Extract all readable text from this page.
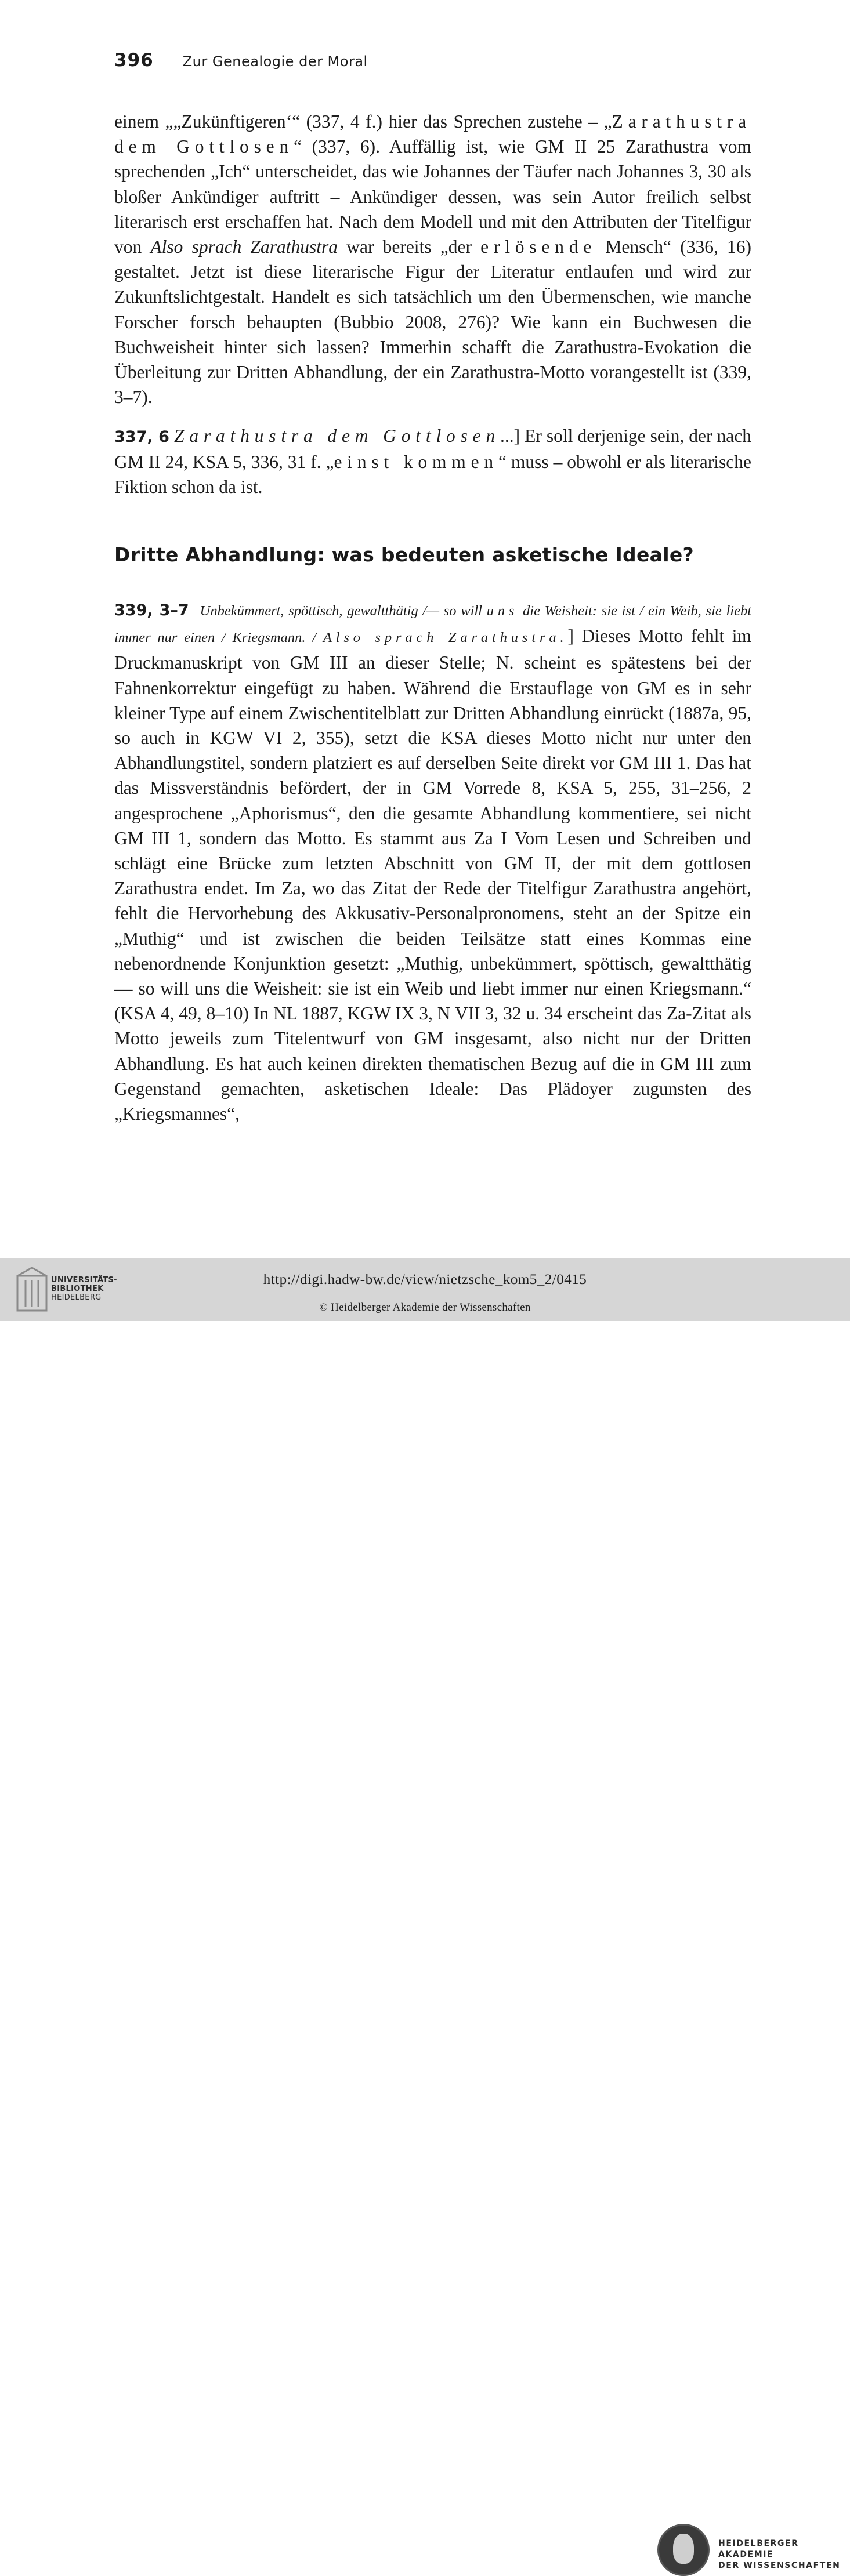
396 Zur Genealogie der Moral

einem „„Zukünftigeren‘“ (337, 4 f.) hier das Sprechen zustehe – „Zarathustra dem Gottlosen“ (337, 6). Auffällig ist, wie GM II 25 Zarathustra vom sprechenden „Ich“ unterscheidet, das wie Johannes der Täufer nach Johannes 3, 30 als bloßer Ankündiger auftritt – Ankündiger dessen, was sein Autor freilich selbst literarisch erst erschaffen hat. Nach dem Modell und mit den Attributen der Titelfigur von Also sprach Zarathustra war bereits „der erlösende Mensch“ (336, 16) gestaltet. Jetzt ist diese literarische Figur der Literatur entlaufen und wird zur Zukunftslichtgestalt. Handelt es sich tatsächlich um den Übermenschen, wie manche Forscher forsch behaupten (Bubbio 2008, 276)? Wie kann ein Buchwesen die Buchweisheit hinter sich lassen? Immerhin schafft die Zarathustra-Evokation die Überleitung zur Dritten Abhandlung, der ein Zarathustra-Motto vorangestellt ist (339, 3–7).

337, 6 Zarathustra dem Gottlosen...] Er soll derjenige sein, der nach GM II 24, KSA 5, 336, 31 f. „einst kommen“ muss – obwohl er als literarische Fiktion schon da ist.

Dritte Abhandlung: was bedeuten asketische Ideale?

339, 3–7 Unbekümmert, spöttisch, gewaltthätig /— so will uns die Weisheit: sie ist / ein Weib, sie liebt immer nur einen / Kriegsmann. / Also sprach Zarathustra.] Dieses Motto fehlt im Druckmanuskript von GM III an dieser Stelle; N. scheint es spätestens bei der Fahnenkorrektur eingefügt zu haben. Während die Erstauflage von GM es in sehr kleiner Type auf einem Zwischentitelblatt zur Dritten Abhandlung einrückt (1887a, 95, so auch in KGW VI 2, 355), setzt die KSA dieses Motto nicht nur unter den Abhandlungstitel, sondern platziert es auf derselben Seite direkt vor GM III 1. Das hat das Missverständnis befördert, der in GM Vorrede 8, KSA 5, 255, 31–256, 2 angesprochene „Aphorismus“, den die gesamte Abhandlung kommentiere, sei nicht GM III 1, sondern das Motto. Es stammt aus Za I Vom Lesen und Schreiben und schlägt eine Brücke zum letzten Abschnitt von GM II, der mit dem gottlosen Zarathustra endet. Im Za, wo das Zitat der Rede der Titelfigur Zarathustra angehört, fehlt die Hervorhebung des Akkusativ-Personalpronomens, steht an der Spitze ein „Muthig“ und ist zwischen die beiden Teilsätze statt eines Kommas eine nebenordnende Konjunktion gesetzt: „Muthig, unbekümmert, spöttisch, gewaltthätig — so will uns die Weisheit: sie ist ein Weib und liebt immer nur einen Kriegsmann.“ (KSA 4, 49, 8–10) In NL 1887, KGW IX 3, N VII 3, 32 u. 34 erscheint das Za-Zitat als Motto jeweils zum Titelentwurf von GM insgesamt, also nicht nur der Dritten Abhandlung. Es hat auch keinen direkten thematischen Bezug auf die in GM III zum Gegenstand gemachten, asketischen Ideale: Das Plädoyer zugunsten des „Kriegsmannes“,

UNIVERSITÄTS-
BIBLIOTHEK
HEIDELBERG
HEIDELBERGER AKADEMIE
DER WISSENSCHAFTEN
http://digi.hadw-bw.de/view/nietzsche_kom5_2/0415
© Heidelberger Akademie der Wissenschaften
